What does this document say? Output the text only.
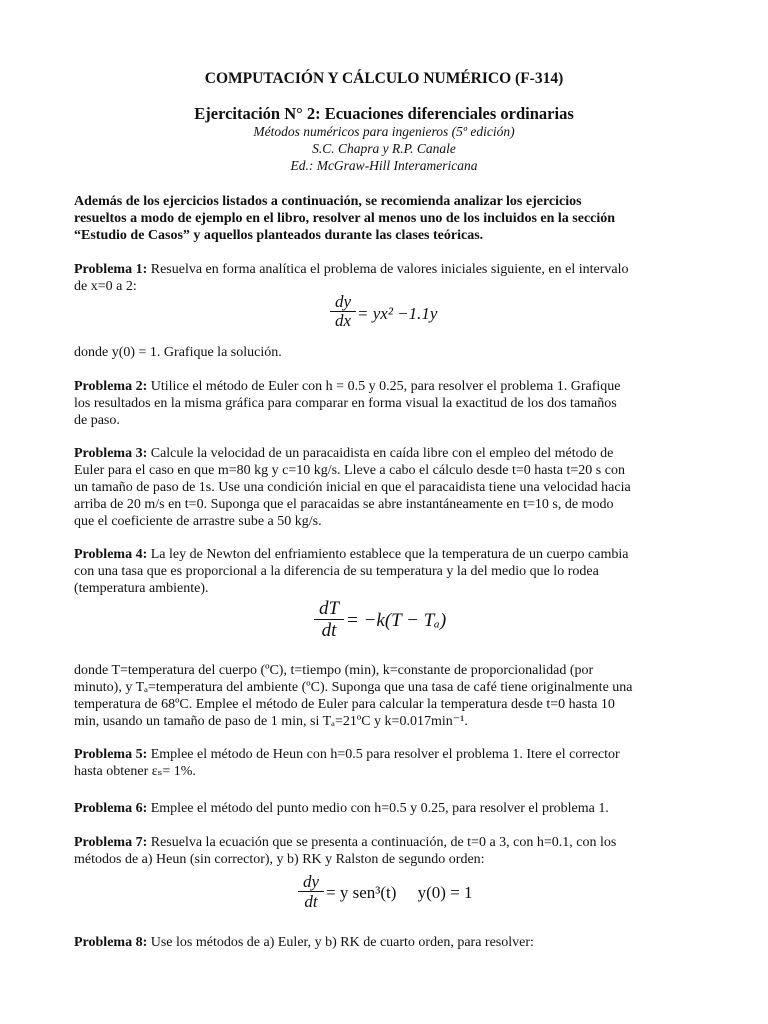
COMPUTACIÓN Y CÁLCULO NUMÉRICO (F-314)
Ejercitación N° 2: Ecuaciones diferenciales ordinarias
Métodos numéricos para ingenieros (5º edición)
S.C. Chapra y R.P. Canale
Ed.: McGraw-Hill Interamericana

Además de los ejercicios listados a continuación, se recomienda analizar los ejercicios

resueltos a modo de ejemplo en el libro, resolver al menos uno de los incluidos en la sección

“Estudio de Casos” y aquellos planteados durante las clases teóricas.

Problema 1: Resuelva en forma analítica el problema de valores iniciales siguiente, en el intervalo

de x=0 a 2:

dy
dx = yx² −1.1y

donde y(0) = 1. Grafique la solución.

Problema 2: Utilice el método de Euler con h = 0.5 y 0.25, para resolver el problema 1. Grafique

los resultados en la misma gráfica para comparar en forma visual la exactitud de los dos tamaños

de paso.

Problema 3: Calcule la velocidad de un paracaidista en caída libre con el empleo del método de

Euler para el caso en que m=80 kg y c=10 kg/s. Lleve a cabo el cálculo desde t=0 hasta t=20 s con

un tamaño de paso de 1s. Use una condición inicial en que el paracaidista tiene una velocidad hacia

arriba de 20 m/s en t=0. Suponga que el paracaidas se abre instantáneamente en t=10 s, de modo

que el coeficiente de arrastre sube a 50 kg/s.

Problema 4: La ley de Newton del enfriamiento establece que la temperatura de un cuerpo cambia

con una tasa que es proporcional a la diferencia de su temperatura y la del medio que lo rodea

(temperatura ambiente).

dT
dt = −k(T − Tₐ)

donde T=temperatura del cuerpo (ºC), t=tiempo (min), k=constante de proporcionalidad (por

minuto), y Tₐ=temperatura del ambiente (ºC). Suponga que una tasa de café tiene originalmente una

temperatura de 68ºC. Emplee el método de Euler para calcular la temperatura desde t=0 hasta 10

min, usando un tamaño de paso de 1 min, si Tₐ=21ºC y k=0.017min⁻¹.

Problema 5: Emplee el método de Heun con h=0.5 para resolver el problema 1. Itere el corrector

hasta obtener εₛ= 1%.

Problema 6: Emplee el método del punto medio con h=0.5 y 0.25, para resolver el problema 1.

Problema 7: Resuelva la ecuación que se presenta a continuación, de t=0 a 3, con h=0.1, con los

métodos de a) Heun (sin corrector), y b) RK y Ralston de segundo orden:

dy
dt = y sen³(t)     y(0) = 1

Problema 8: Use los métodos de a) Euler, y b) RK de cuarto orden, para resolver:
